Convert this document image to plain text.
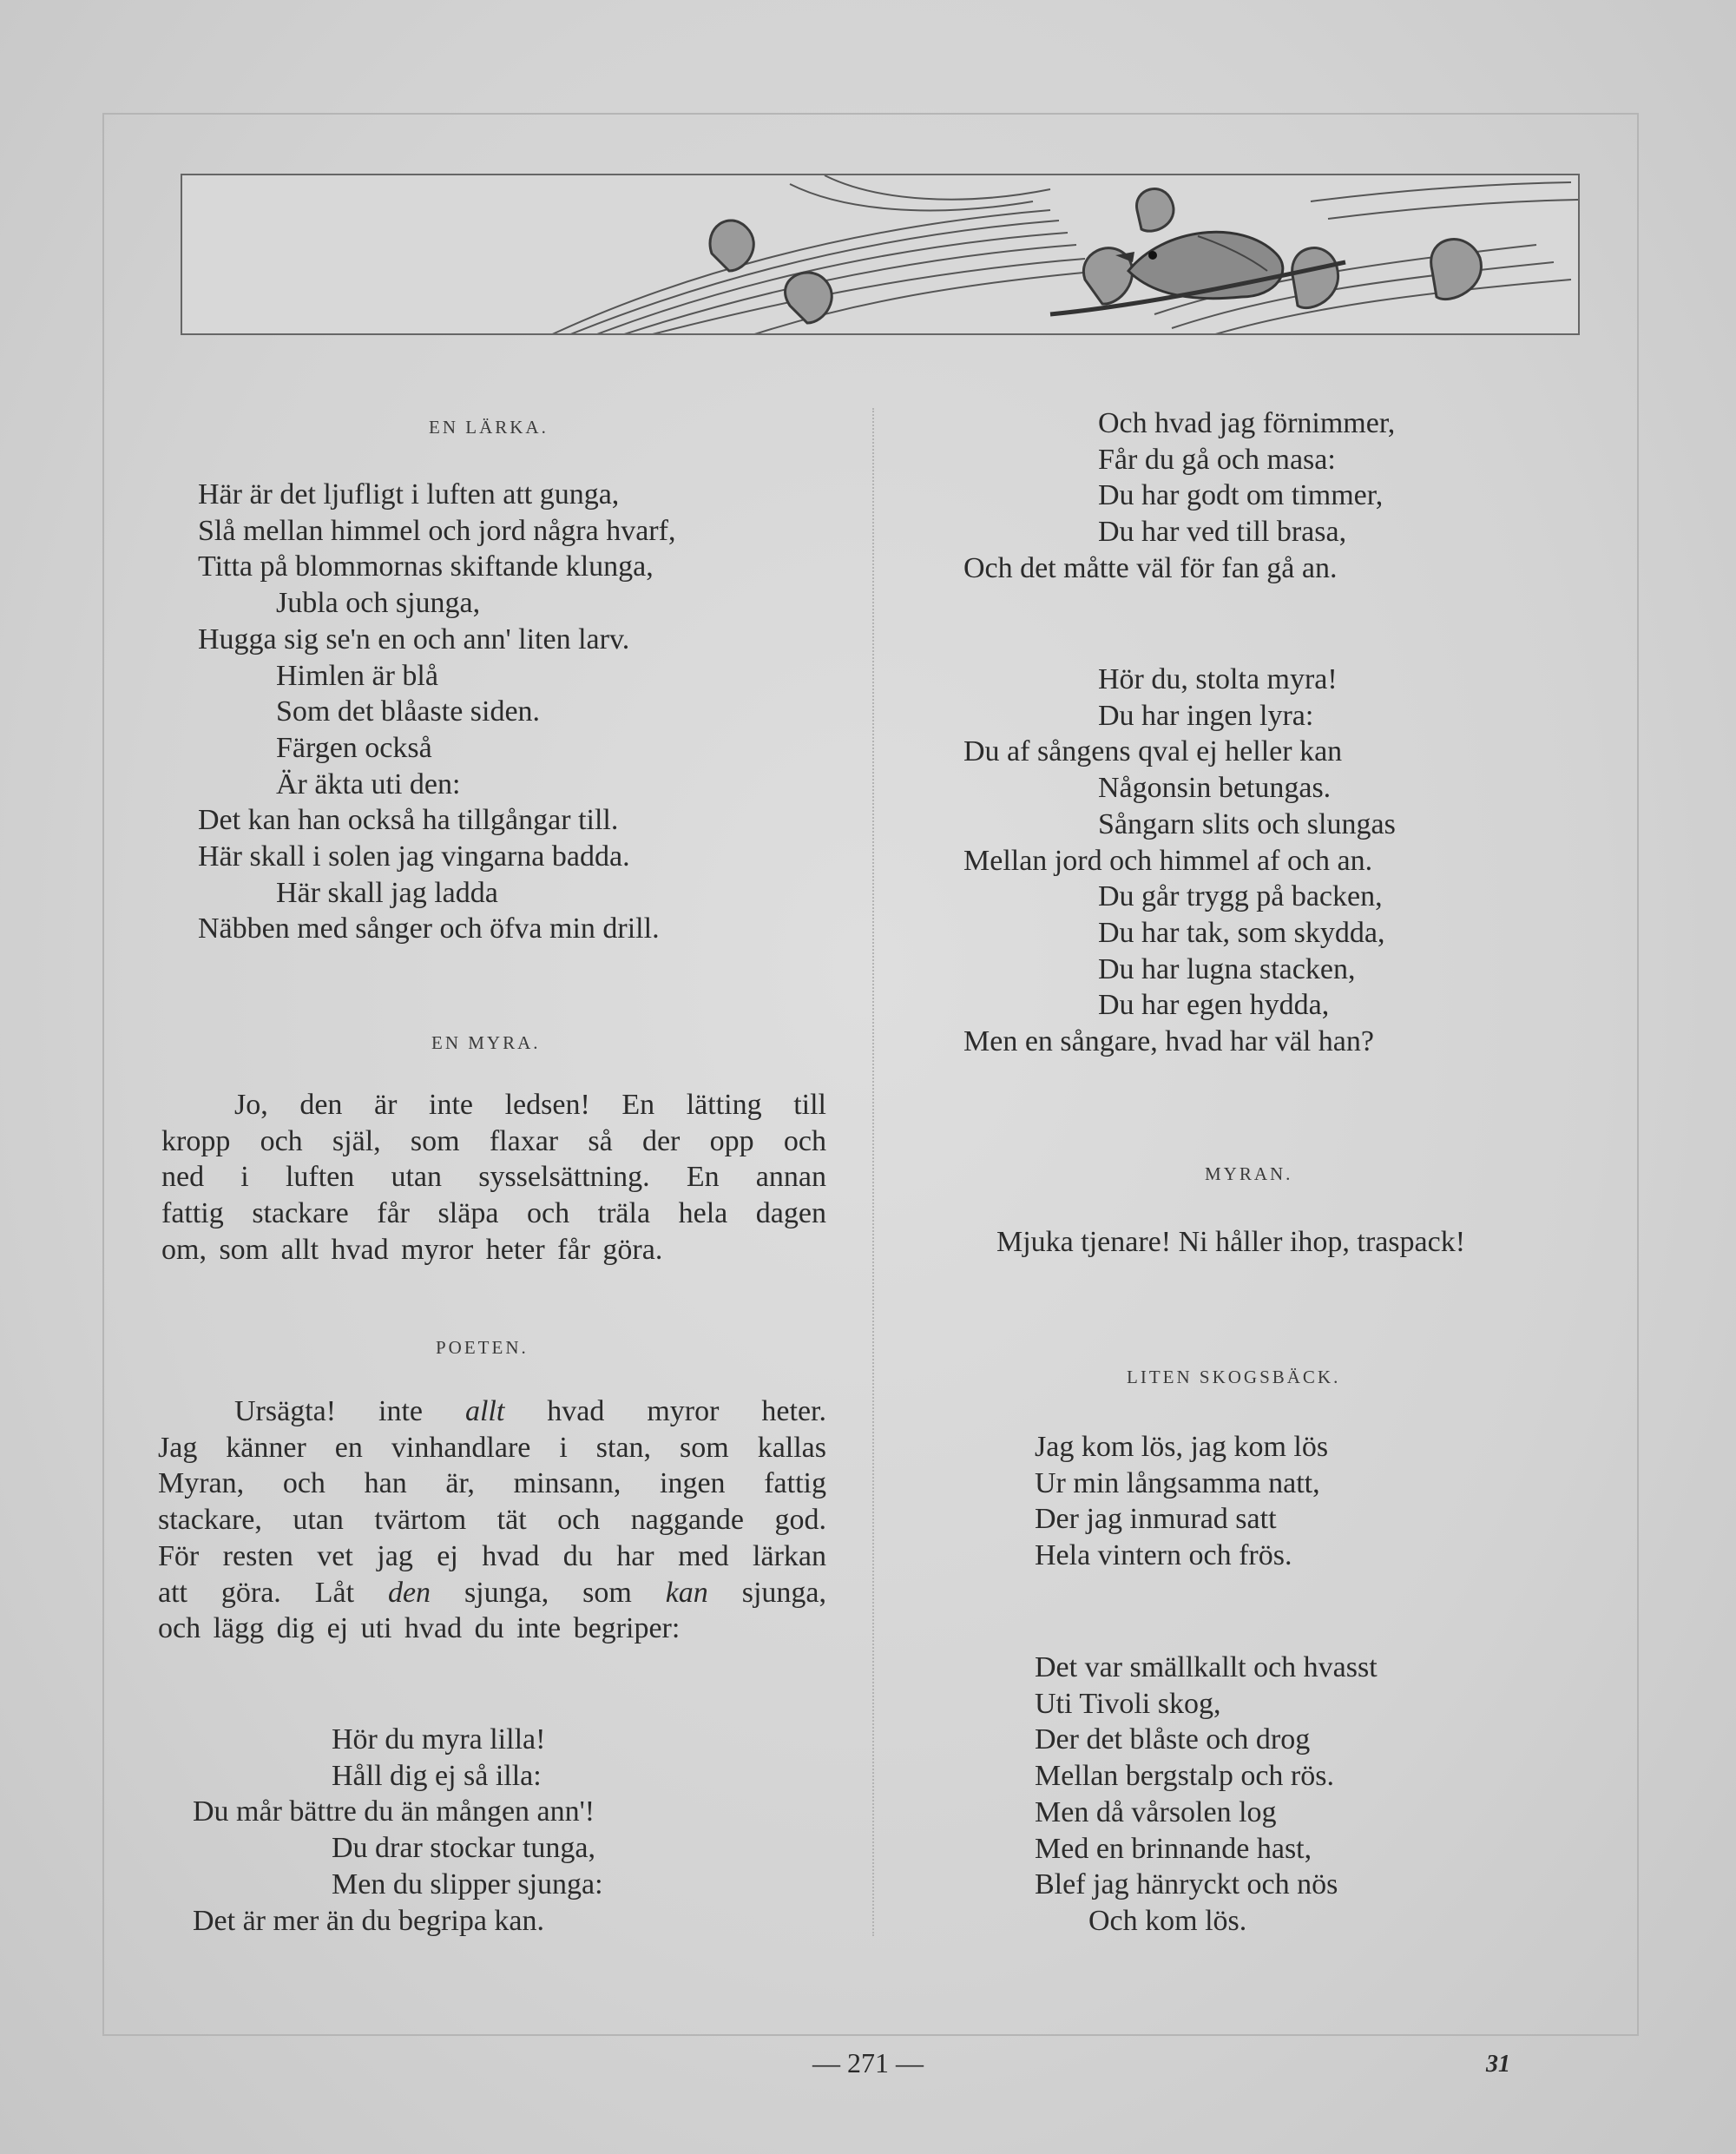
EN LÄRKA.
Här är det ljufligt i luften att gunga,
Slå mellan himmel och jord några hvarf,
Titta på blommornas skiftande klunga,
Jubla och sjunga,
Hugga sig se'n en och ann' liten larv.
Himlen är blå
Som det blåaste siden.
Färgen också
Är äkta uti den:
Det kan han också ha tillgångar till.
Här skall i solen jag vingarna badda.
Här skall jag ladda
Näbben med sånger och öfva min drill.
EN MYRA.
Jo, den är inte ledsen! En lätting till
kropp och själ, som flaxar så der opp och
ned i luften utan sysselsättning. En annan
fattig stackare får släpa och träla hela dagen
om, som allt hvad myror heter får göra.
POETEN.
Ursägta! inte allt hvad myror heter.
Jag känner en vinhandlare i stan, som kallas
Myran, och han är, minsann, ingen fattig
stackare, utan tvärtom tät och naggande god.
För resten vet jag ej hvad du har med lärkan
att göra. Låt den sjunga, som kan sjunga,
och lägg dig ej uti hvad du inte begriper:
Hör du myra lilla!
Håll dig ej så illa:
Du mår bättre du än mången ann'!
Du drar stockar tunga,
Men du slipper sjunga:
Det är mer än du begripa kan.
Och hvad jag förnimmer,
Får du gå och masa:
Du har godt om timmer,
Du har ved till brasa,
Och det måtte väl för fan gå an.
Hör du, stolta myra!
Du har ingen lyra:
Du af sångens qval ej heller kan
Någonsin betungas.
Sångarn slits och slungas
Mellan jord och himmel af och an.
Du går trygg på backen,
Du har tak, som skydda,
Du har lugna stacken,
Du har egen hydda,
Men en sångare, hvad har väl han?
MYRAN.
Mjuka tjenare! Ni håller ihop, traspack!
LITEN SKOGSBÄCK.
Jag kom lös, jag kom lös
Ur min långsamma natt,
Der jag inmurad satt
Hela vintern och frös.
Det var smällkallt och hvasst
Uti Tivoli skog,
Der det blåste och drog
Mellan bergstalp och rös.
Men då vårsolen log
Med en brinnande hast,
Blef jag hänryckt och nös
Och kom lös.
— 271 —	31
